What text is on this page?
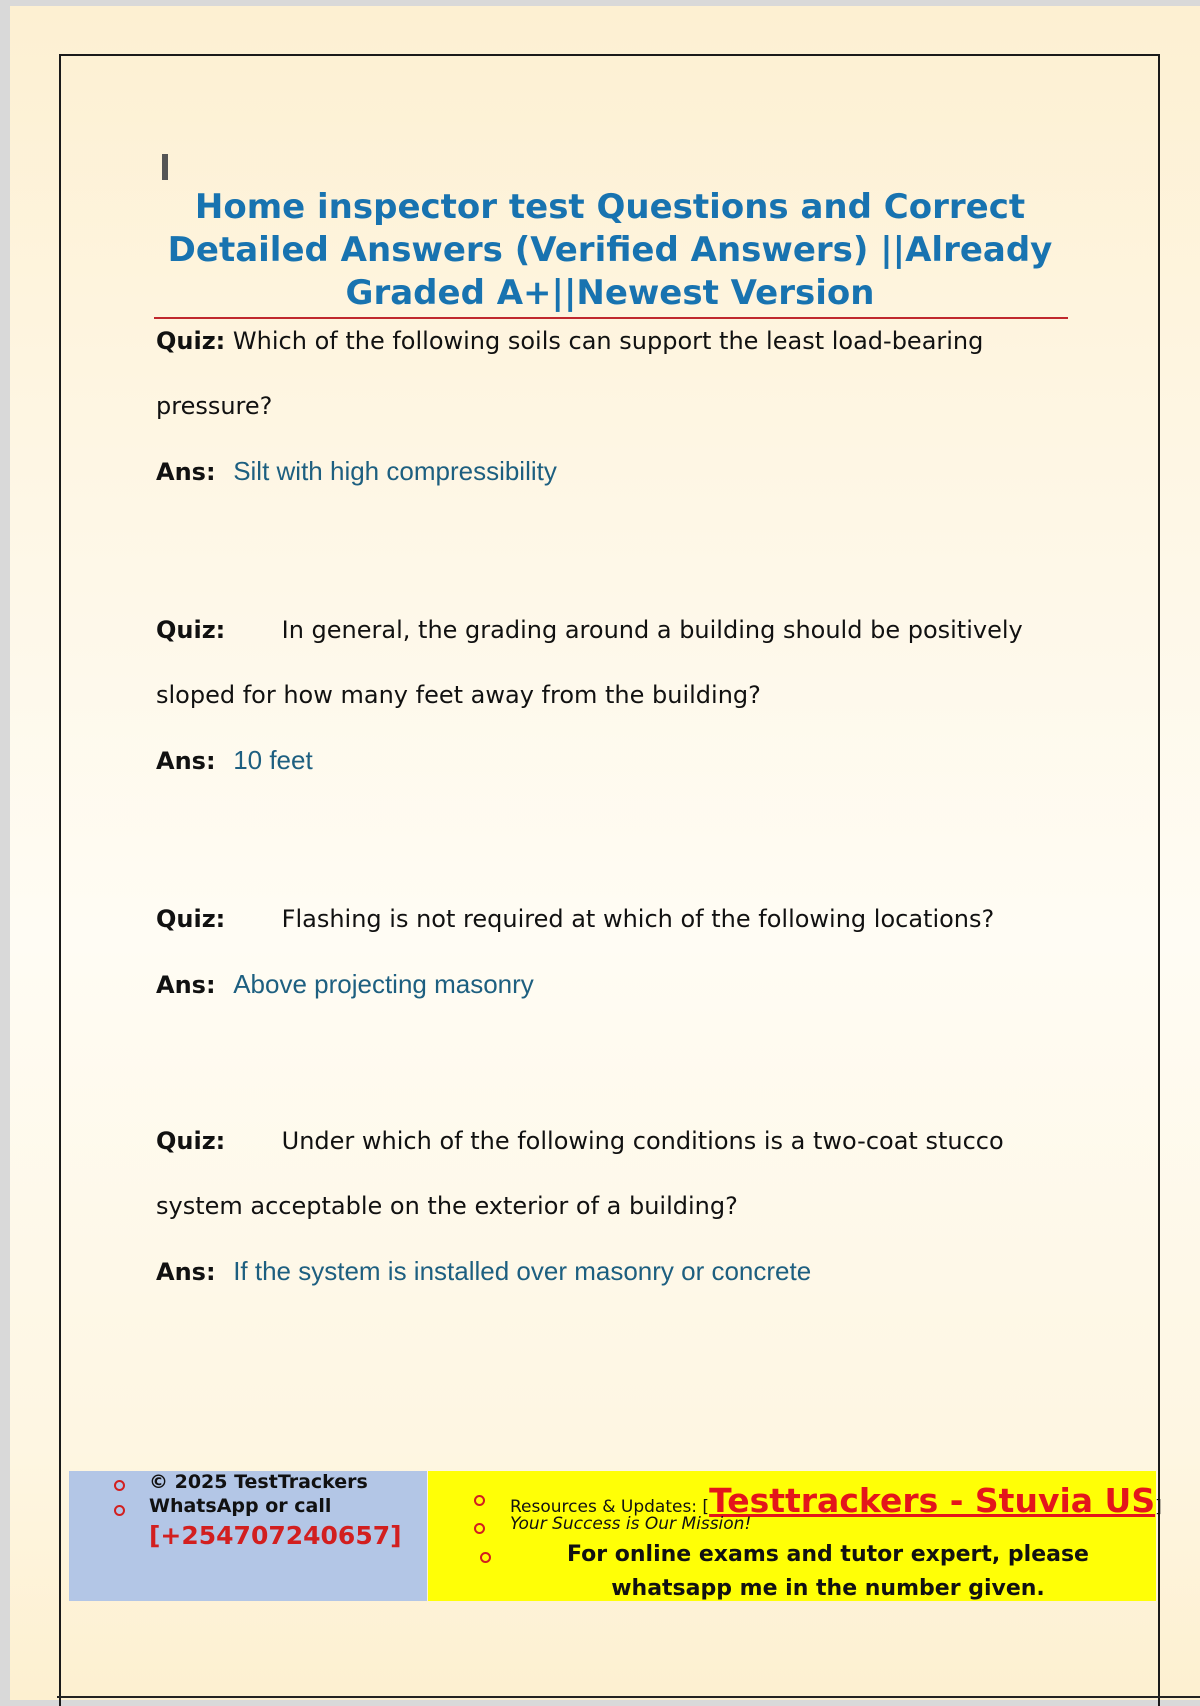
Home inspector test Questions and Correct Detailed Answers (Verified Answers) ||Already Graded A+||Newest Version

Quiz: Which of the following soils can support the least load-bearing pressure?

Ans: Silt with high compressibility

Quiz: In general, the grading around a building should be positively sloped for how many feet away from the building?

Ans: 10 feet

Quiz: Flashing is not required at which of the following locations?

Ans: Above projecting masonry

Quiz: Under which of the following conditions is a two-coat stucco system acceptable on the exterior of a building?

Ans: If the system is installed over masonry or concrete

© 2025 TestTrackers

WhatsApp or call

[+254707240657]

Resources & Updates: [Testtrackers - Stuvia US]

Your Success is Our Mission!

For online exams and tutor expert, please whatsapp me in the number given.
